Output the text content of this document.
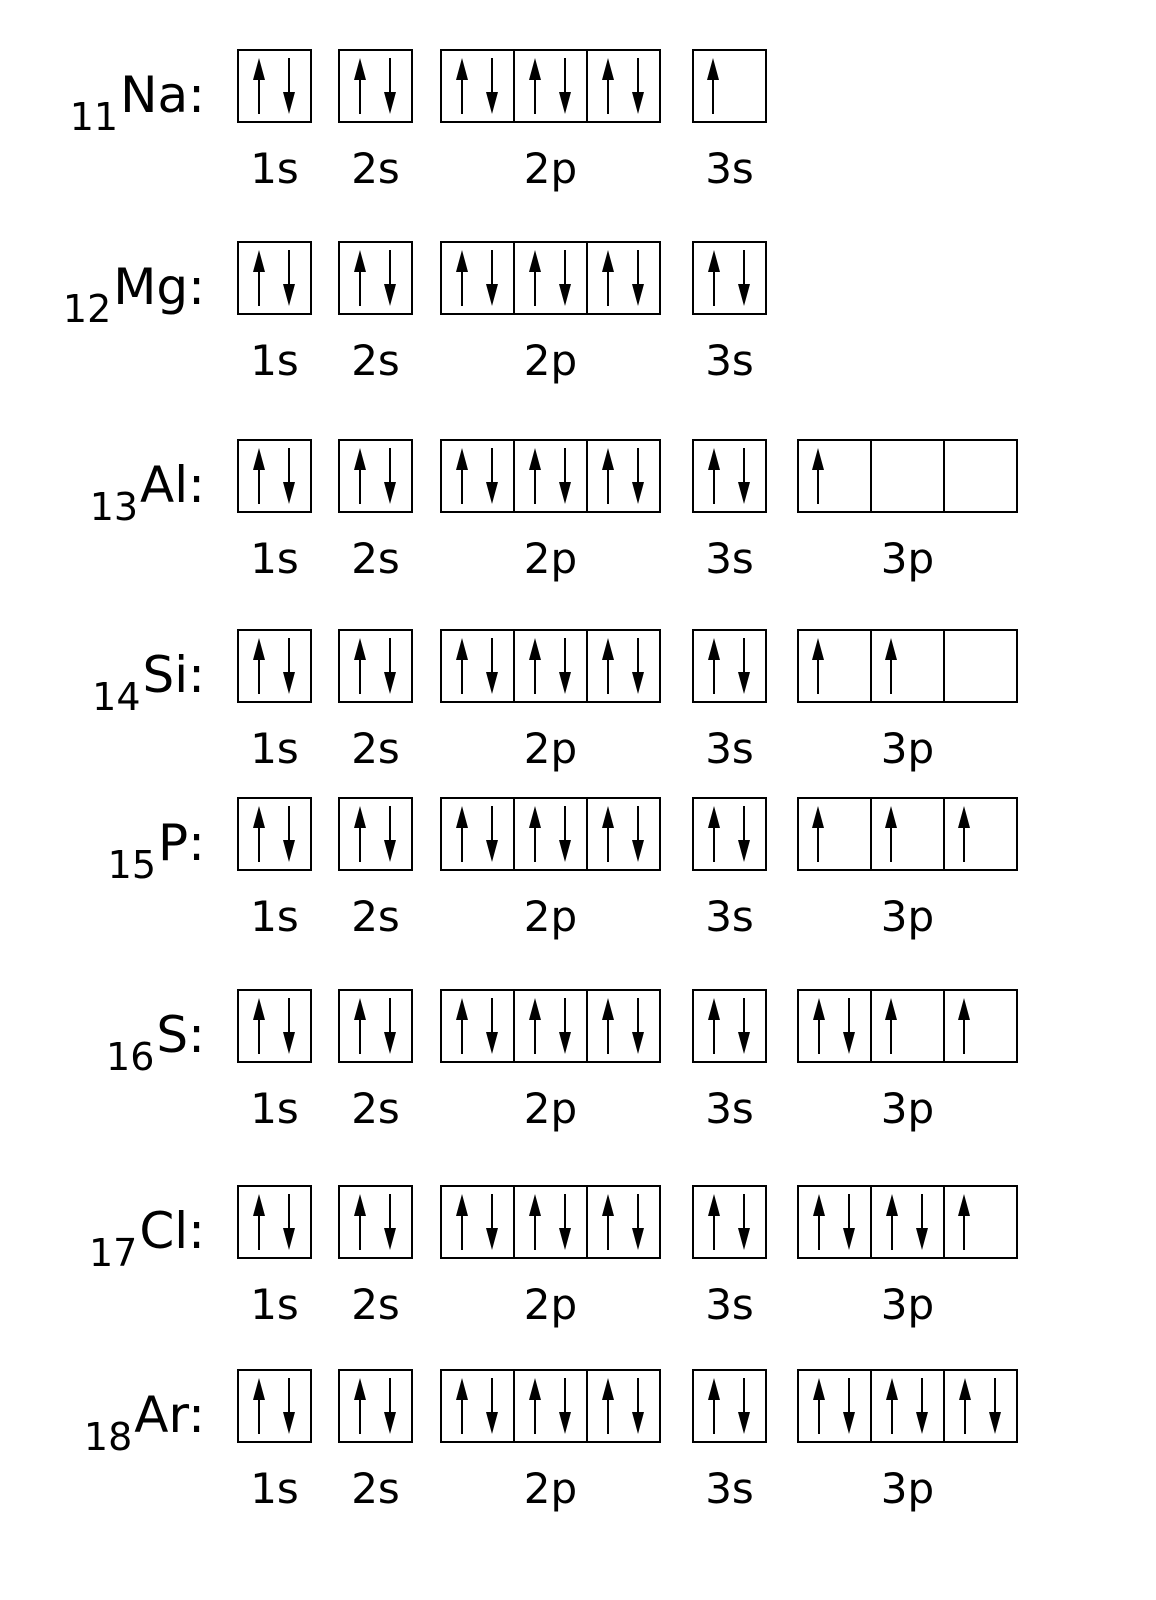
Na:
11
1s 2s	2p	3s
Mg:
12
1s 2s	2p	3s
Al:
13
1s 2s	2p	3s	3p
Si:
14
1s 2s	2p	3s	3p
P:
15
1s 2s	2p	3s	3p
S:
16
1s 2s	2p	3s	3p
Cl:
17
1s 2s	2p	3s	3p
Ar:
18
1s 2s	2p	3s	3p
